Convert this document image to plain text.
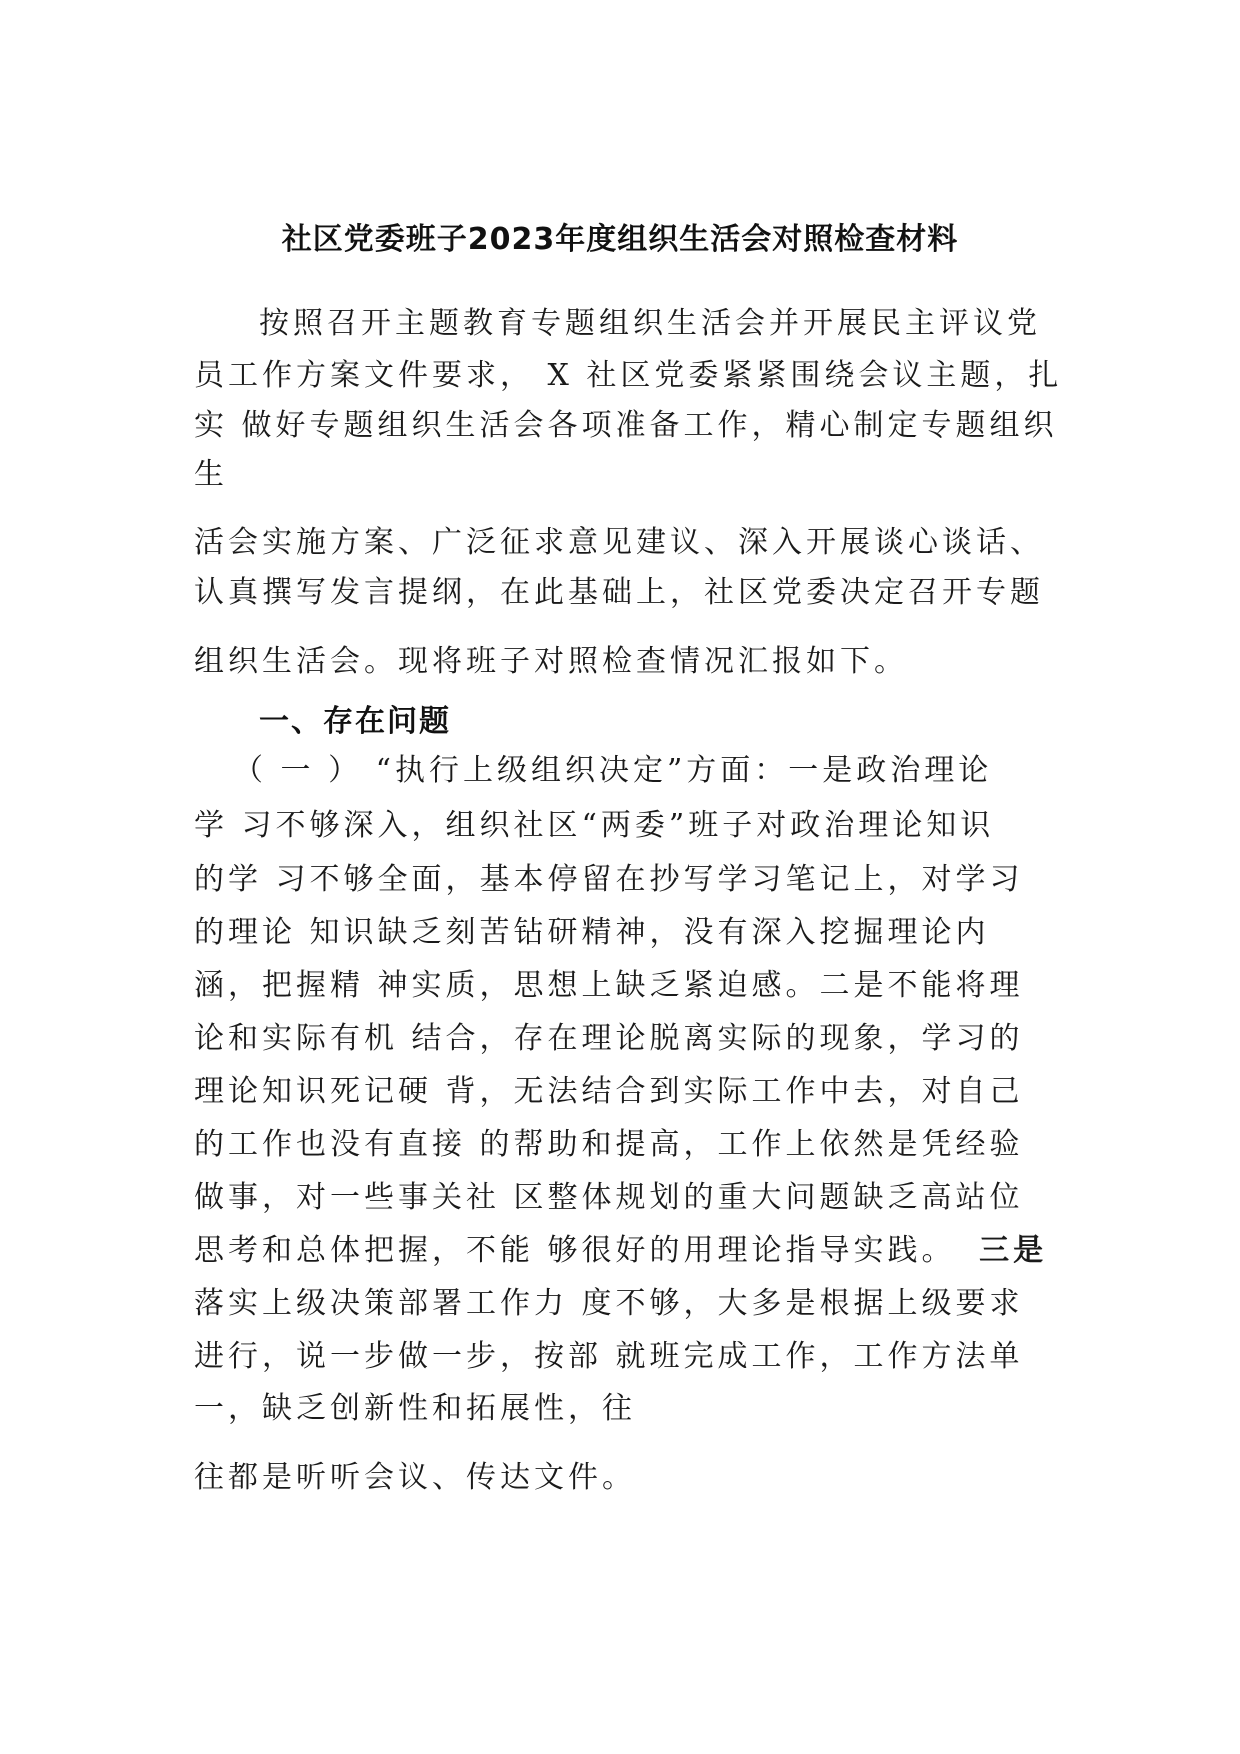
社区党委班子2023年度组织生活会对照检查材料
按照召开主题教育专题组织生活会并开展民主评议党
员工作方案文件要求， X 社区党委紧紧围绕会议主题，扎
实 做好专题组织生活会各项准备工作，精心制定专题组织
生
活会实施方案、广泛征求意见建议、深入开展谈心谈话、
认真撰写发言提纲，在此基础上，社区党委决定召开专题
组织生活会。现将班子对照检查情况汇报如下。
一、存在问题
（ 一 ） “执行上级组织决定”方面：一是政治理论
学 习不够深入，组织社区“两委”班子对政治理论知识
的学 习不够全面，基本停留在抄写学习笔记上，对学习
的理论 知识缺乏刻苦钻研精神，没有深入挖掘理论内
涵，把握精 神实质，思想上缺乏紧迫感。二是不能将理
论和实际有机 结合，存在理论脱离实际的现象，学习的
理论知识死记硬 背，无法结合到实际工作中去，对自己
的工作也没有直接 的帮助和提高，工作上依然是凭经验
做事，对一些事关社 区整体规划的重大问题缺乏高站位
思考和总体把握，不能 够很好的用理论指导实践。 三是
落实上级决策部署工作力 度不够，大多是根据上级要求
进行，说一步做一步，按部 就班完成工作，工作方法单
一，缺乏创新性和拓展性，往
往都是听听会议、传达文件。
